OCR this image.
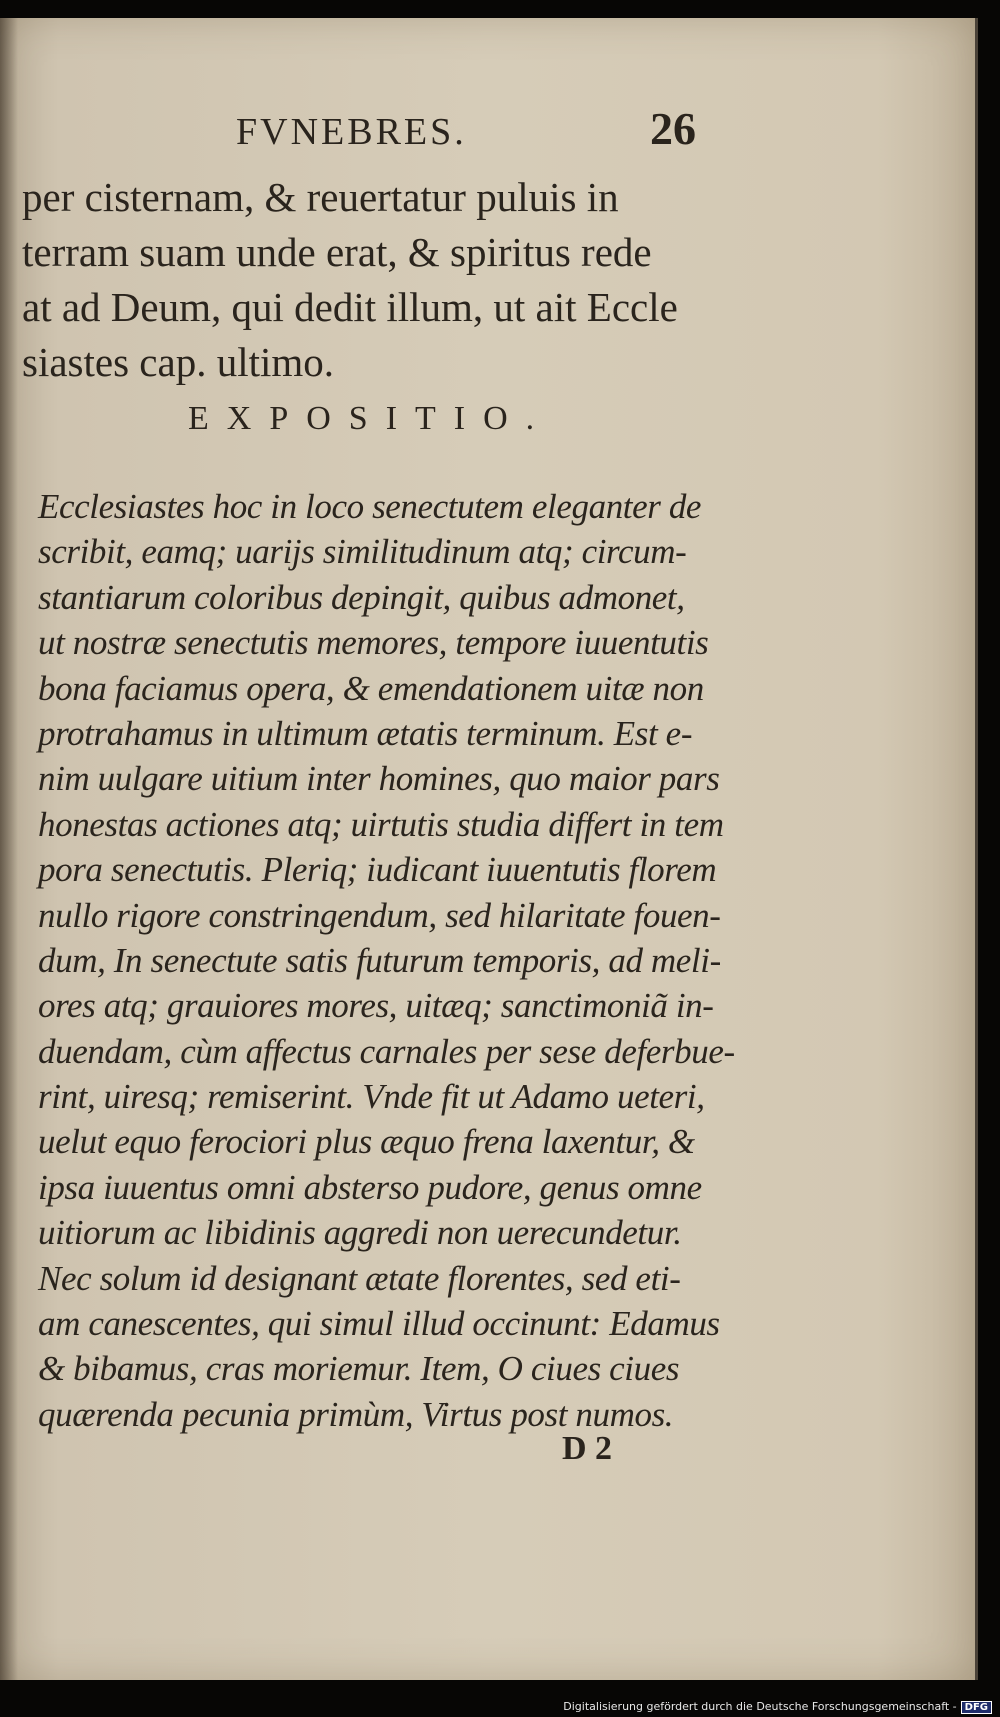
FVNEBRES.	26
per cisternam, & reuertatur puluis in
terram suam unde erat, & spiritus rede
at ad Deum, qui dedit illum, ut ait Eccle
siastes cap. ultimo.
EXPOSITIO.
Ecclesiastes hoc in loco senectutem eleganter de
scribit, eamq; uarijs similitudinum atq; circum-
stantiarum coloribus depingit, quibus admonet,
ut nostræ senectutis memores, tempore iuuentutis
bona faciamus opera, & emendationem uitæ non
protrahamus in ultimum ætatis terminum. Est e-
nim uulgare uitium inter homines, quo maior pars
honestas actiones atq; uirtutis studia differt in tem
pora senectutis. Pleriq; iudicant iuuentutis florem
nullo rigore constringendum, sed hilaritate fouen-
dum, In senectute satis futurum temporis, ad meli-
ores atq; grauiores mores, uitæq; sanctimoniã in-
duendam, cùm affectus carnales per sese deferbue-
rint, uiresq; remiserint. Vnde fit ut Adamo ueteri,
uelut equo ferociori plus æquo frena laxentur, &
ipsa iuuentus omni absterso pudore, genus omne
uitiorum ac libidinis aggredi non uerecundetur.
Nec solum id designant ætate florentes, sed eti-
am canescentes, qui simul illud occinunt: Edamus
& bibamus, cras moriemur. Item, O ciues ciues
quærenda pecunia primùm, Virtus post numos.
D 2
Digitalisierung gefördert durch die Deutsche Forschungsgemeinschaft - DFG
